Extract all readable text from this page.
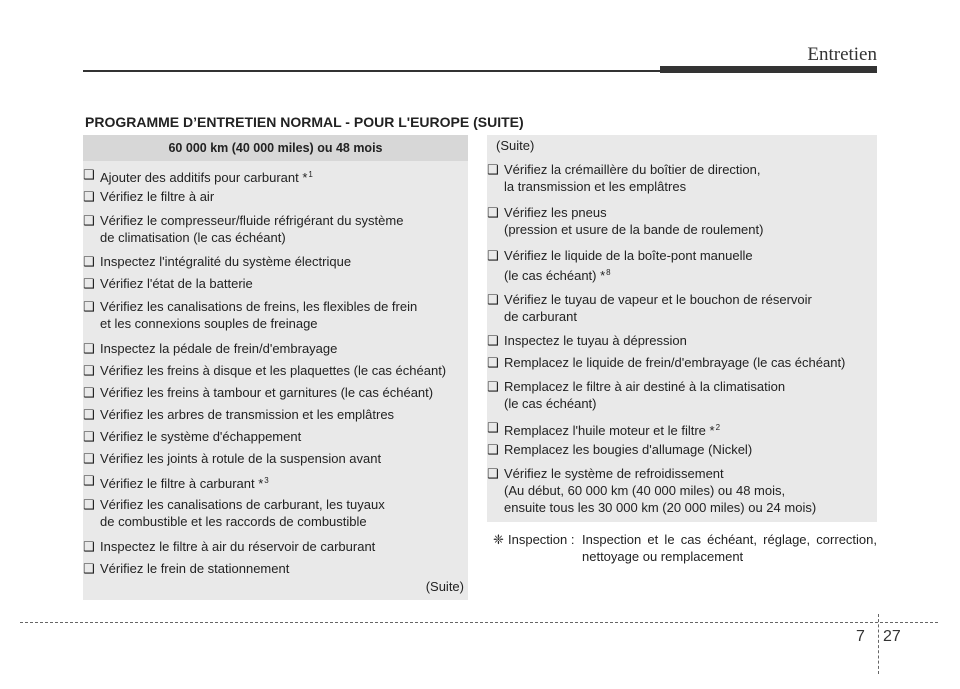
Entretien
PROGRAMME D’ENTRETIEN NORMAL - POUR L'EUROPE (SUITE)
60 000 km (40 000 miles) ou 48 mois
❑ Ajouter des additifs pour carburant *$^1$
❑ Vérifiez le filtre à air
❑ Vérifiez le compresseur/fluide réfrigérant du système
de climatisation (le cas échéant)
❑ Inspectez l'intégralité du système électrique
❑ Vérifiez l'état de la batterie
❑ Vérifiez les canalisations de freins, les flexibles de frein
et les connexions souples de freinage
❑ Inspectez la pédale de frein/d'embrayage
❑ Vérifiez les freins à disque et les plaquettes (le cas échéant)
❑ Vérifiez les freins à tambour et garnitures (le cas échéant)
❑ Vérifiez les arbres de transmission et les emplâtres
❑ Vérifiez le système d'échappement
❑ Vérifiez les joints à rotule de la suspension avant
❑ Vérifiez le filtre à carburant *$^3$
❑ Vérifiez les canalisations de carburant, les tuyaux
de combustible et les raccords de combustible
❑ Inspectez le filtre à air du réservoir de carburant
❑ Vérifiez le frein de stationnement
(Suite)
(Suite)
❑ Vérifiez la crémaillère du boîtier de direction,
la transmission et les emplâtres
❑ Vérifiez les pneus
(pression et usure de la bande de roulement)
❑ Vérifiez le liquide de la boîte-pont manuelle
(le cas échéant) *$^8$
❑ Vérifiez le tuyau de vapeur et le bouchon de réservoir
de carburant
❑ Inspectez le tuyau à dépression
❑ Remplacez le liquide de frein/d'embrayage (le cas échéant)
❑ Remplacez le filtre à air destiné à la climatisation
(le cas échéant)
❑ Remplacez l'huile moteur et le filtre *$^2$
❑ Remplacez les bougies d'allumage (Nickel)
❑ Vérifiez le système de refroidissement
(Au début, 60 000 km (40 000 miles) ou 48 mois,
ensuite tous les 30 000 km (20 000 miles) ou 24 mois)
❈ Inspection : Inspection et le cas échéant, réglage, correction, nettoyage ou remplacement
7 27
